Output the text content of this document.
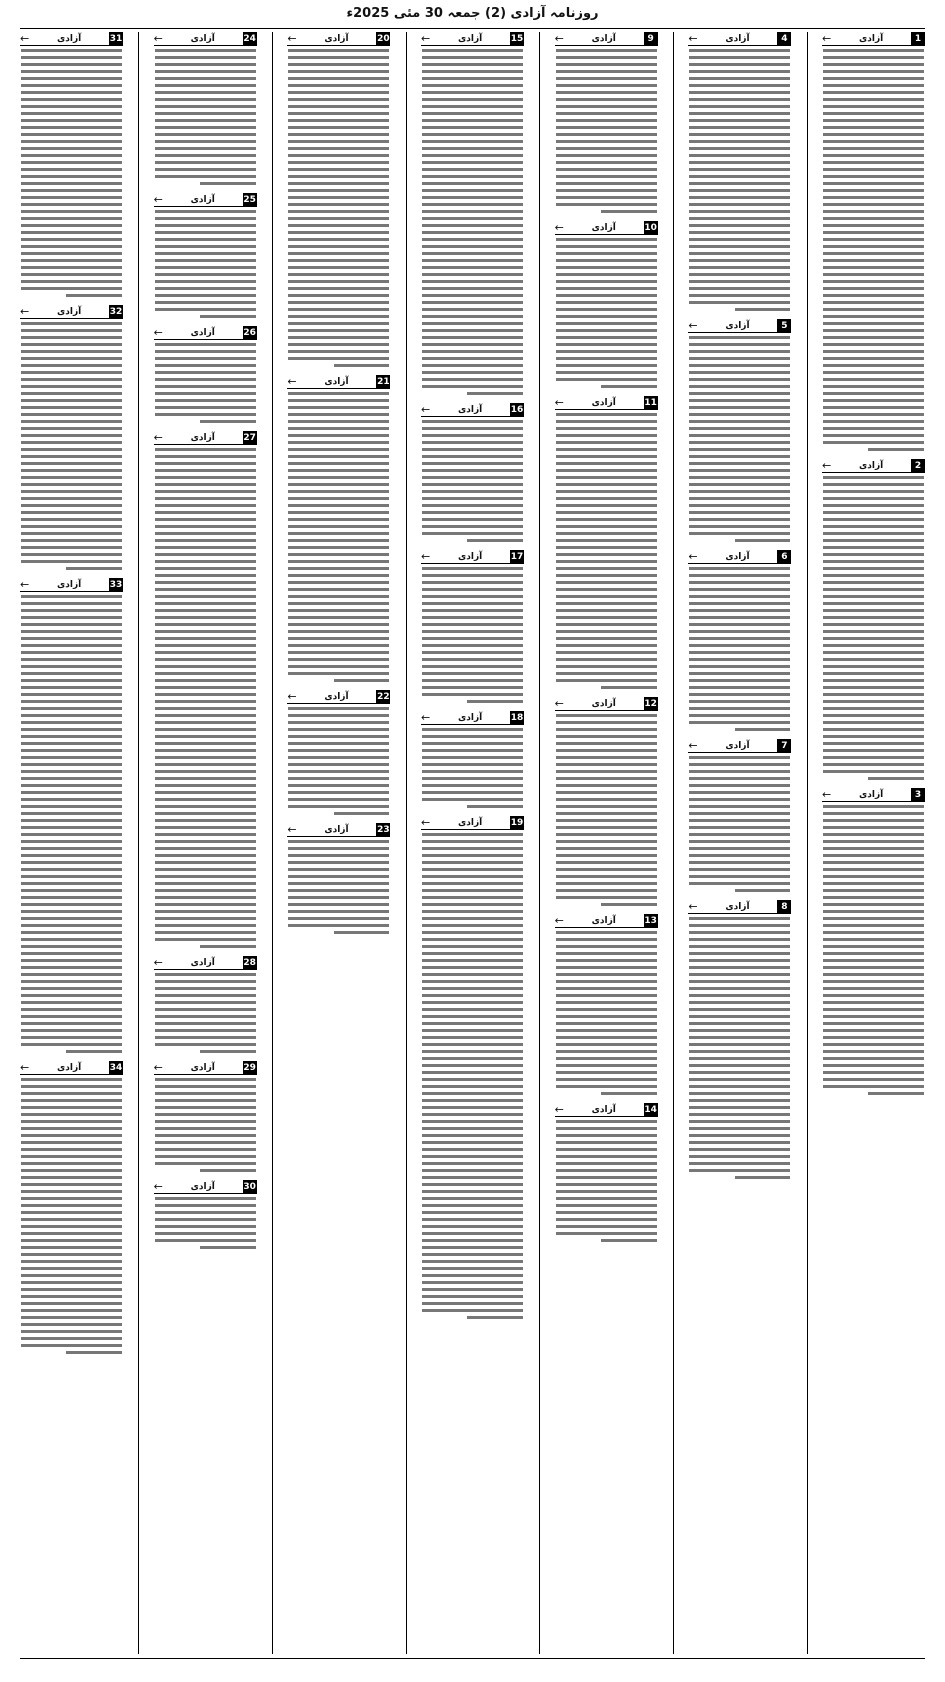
روزنامہ آزادی (2) جمعہ 30 مئی 2025ء
1
آزادی
←
2
آزادی
←
3
آزادی
←
4
آزادی
←
5
آزادی
←
6
آزادی
←
7
آزادی
←
8
آزادی
←
9
آزادی
←
10
آزادی
←
11
آزادی
←
12
آزادی
←
13
آزادی
←
14
آزادی
←
15
آزادی
←
16
آزادی
←
17
آزادی
←
18
آزادی
←
19
آزادی
←
20
آزادی
←
21
آزادی
←
22
آزادی
←
23
آزادی
←
24
آزادی
←
25
آزادی
←
26
آزادی
←
27
آزادی
←
28
آزادی
←
29
آزادی
←
30
آزادی
←
31
آزادی
←
32
آزادی
←
33
آزادی
←
34
آزادی
←
